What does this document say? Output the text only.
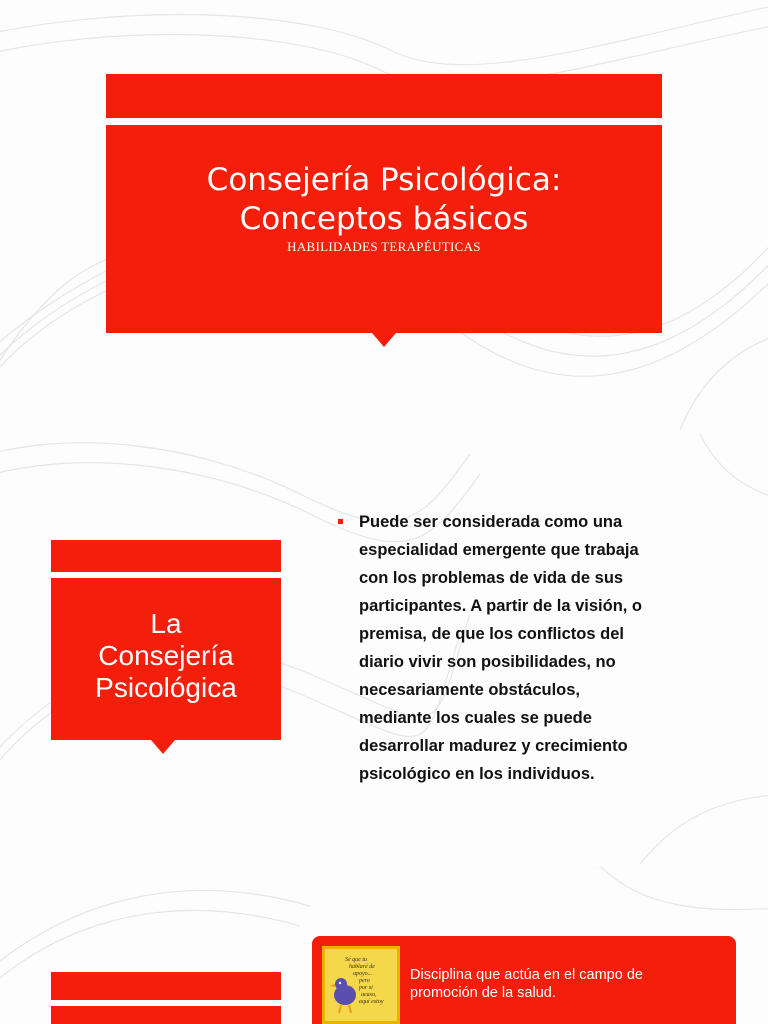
Consejería Psicológica:
Conceptos básicos
HABILIDADES TERAPÉUTICAS
La
Consejería
Psicológica
Puede ser considerada como una
especialidad emergente que trabaja
con los problemas de vida de sus
participantes. A partir de la visión, o
premisa, de que los conflictos del
diario vivir son posibilidades, no
necesariamente obstáculos,
mediante los cuales se puede
desarrollar madurez y crecimiento
psicológico en los individuos.
Sé que tu
hablaré de
apoyo...
pero
por si
acaso,
aquí estoy
Disciplina que actúa en el campo de
promoción de la salud.
